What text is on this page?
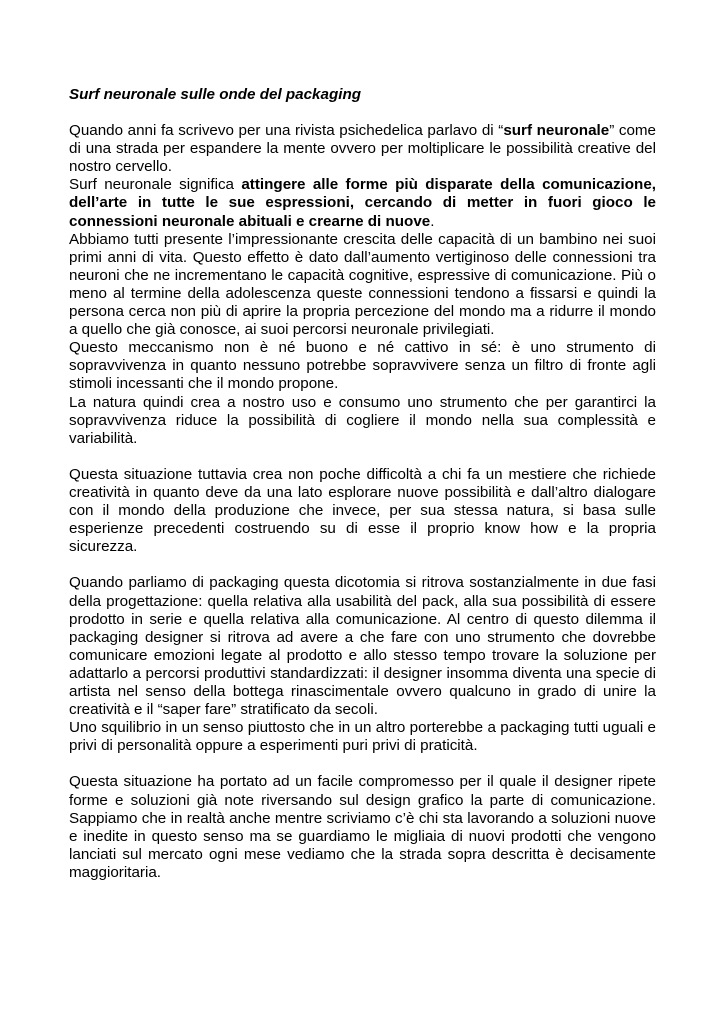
Surf neuronale sulle onde del packaging

Quando anni fa scrivevo per una rivista psichedelica parlavo di “surf neuronale” come di una strada per espandere la mente ovvero per moltiplicare le possibilità creative del nostro cervello.

Surf neuronale significa attingere alle forme più disparate della comunicazione, dell’arte in tutte le sue espressioni, cercando di metter in fuori gioco le connessioni neuronale abituali e crearne di nuove.

Abbiamo tutti presente l’impressionante crescita delle capacità di un bambino nei suoi primi anni di vita. Questo effetto è dato dall’aumento vertiginoso delle connessioni tra neuroni che ne incrementano le capacità cognitive, espressive di comunicazione. Più o meno al termine della adolescenza queste connessioni tendono a fissarsi e quindi la persona cerca non più di aprire la propria percezione del mondo ma a ridurre il mondo a quello che già conosce, ai suoi percorsi neuronale privilegiati.

Questo meccanismo non è né buono e né cattivo in sé: è uno strumento di sopravvivenza in quanto nessuno potrebbe sopravvivere senza un filtro di fronte agli stimoli incessanti che il mondo propone.

La natura quindi crea a nostro uso e consumo uno strumento che per garantirci la sopravvivenza riduce la possibilità di cogliere il mondo nella sua complessità e variabilità.

Questa situazione tuttavia crea non poche difficoltà a chi fa un mestiere che richiede creatività in quanto deve da una lato esplorare nuove possibilità e dall’altro dialogare con il mondo della produzione che invece, per sua stessa natura, si basa sulle esperienze precedenti costruendo su di esse il proprio know how e la propria sicurezza.

Quando parliamo di packaging questa dicotomia si ritrova sostanzialmente in due fasi della progettazione: quella relativa alla usabilità del pack, alla sua possibilità di essere prodotto in serie e quella relativa alla comunicazione. Al centro di questo dilemma il packaging designer si ritrova ad avere a che fare con uno strumento che dovrebbe comunicare emozioni legate al prodotto e allo stesso tempo trovare la soluzione per adattarlo a percorsi produttivi standardizzati: il designer insomma diventa una specie di artista nel senso della bottega rinascimentale ovvero qualcuno in grado di unire la creatività e il “saper fare” stratificato da secoli.

Uno squilibrio in un senso piuttosto che in un altro porterebbe a packaging tutti uguali e privi di personalità oppure a esperimenti puri privi di praticità.

Questa situazione ha portato ad un facile compromesso per il quale il designer ripete forme e soluzioni già note riversando sul design grafico la parte di comunicazione. Sappiamo che in realtà anche mentre scriviamo c’è chi sta lavorando a soluzioni nuove e inedite in questo senso ma se guardiamo le migliaia di nuovi prodotti che vengono lanciati sul mercato ogni mese vediamo che la strada sopra descritta è decisamente maggioritaria.
